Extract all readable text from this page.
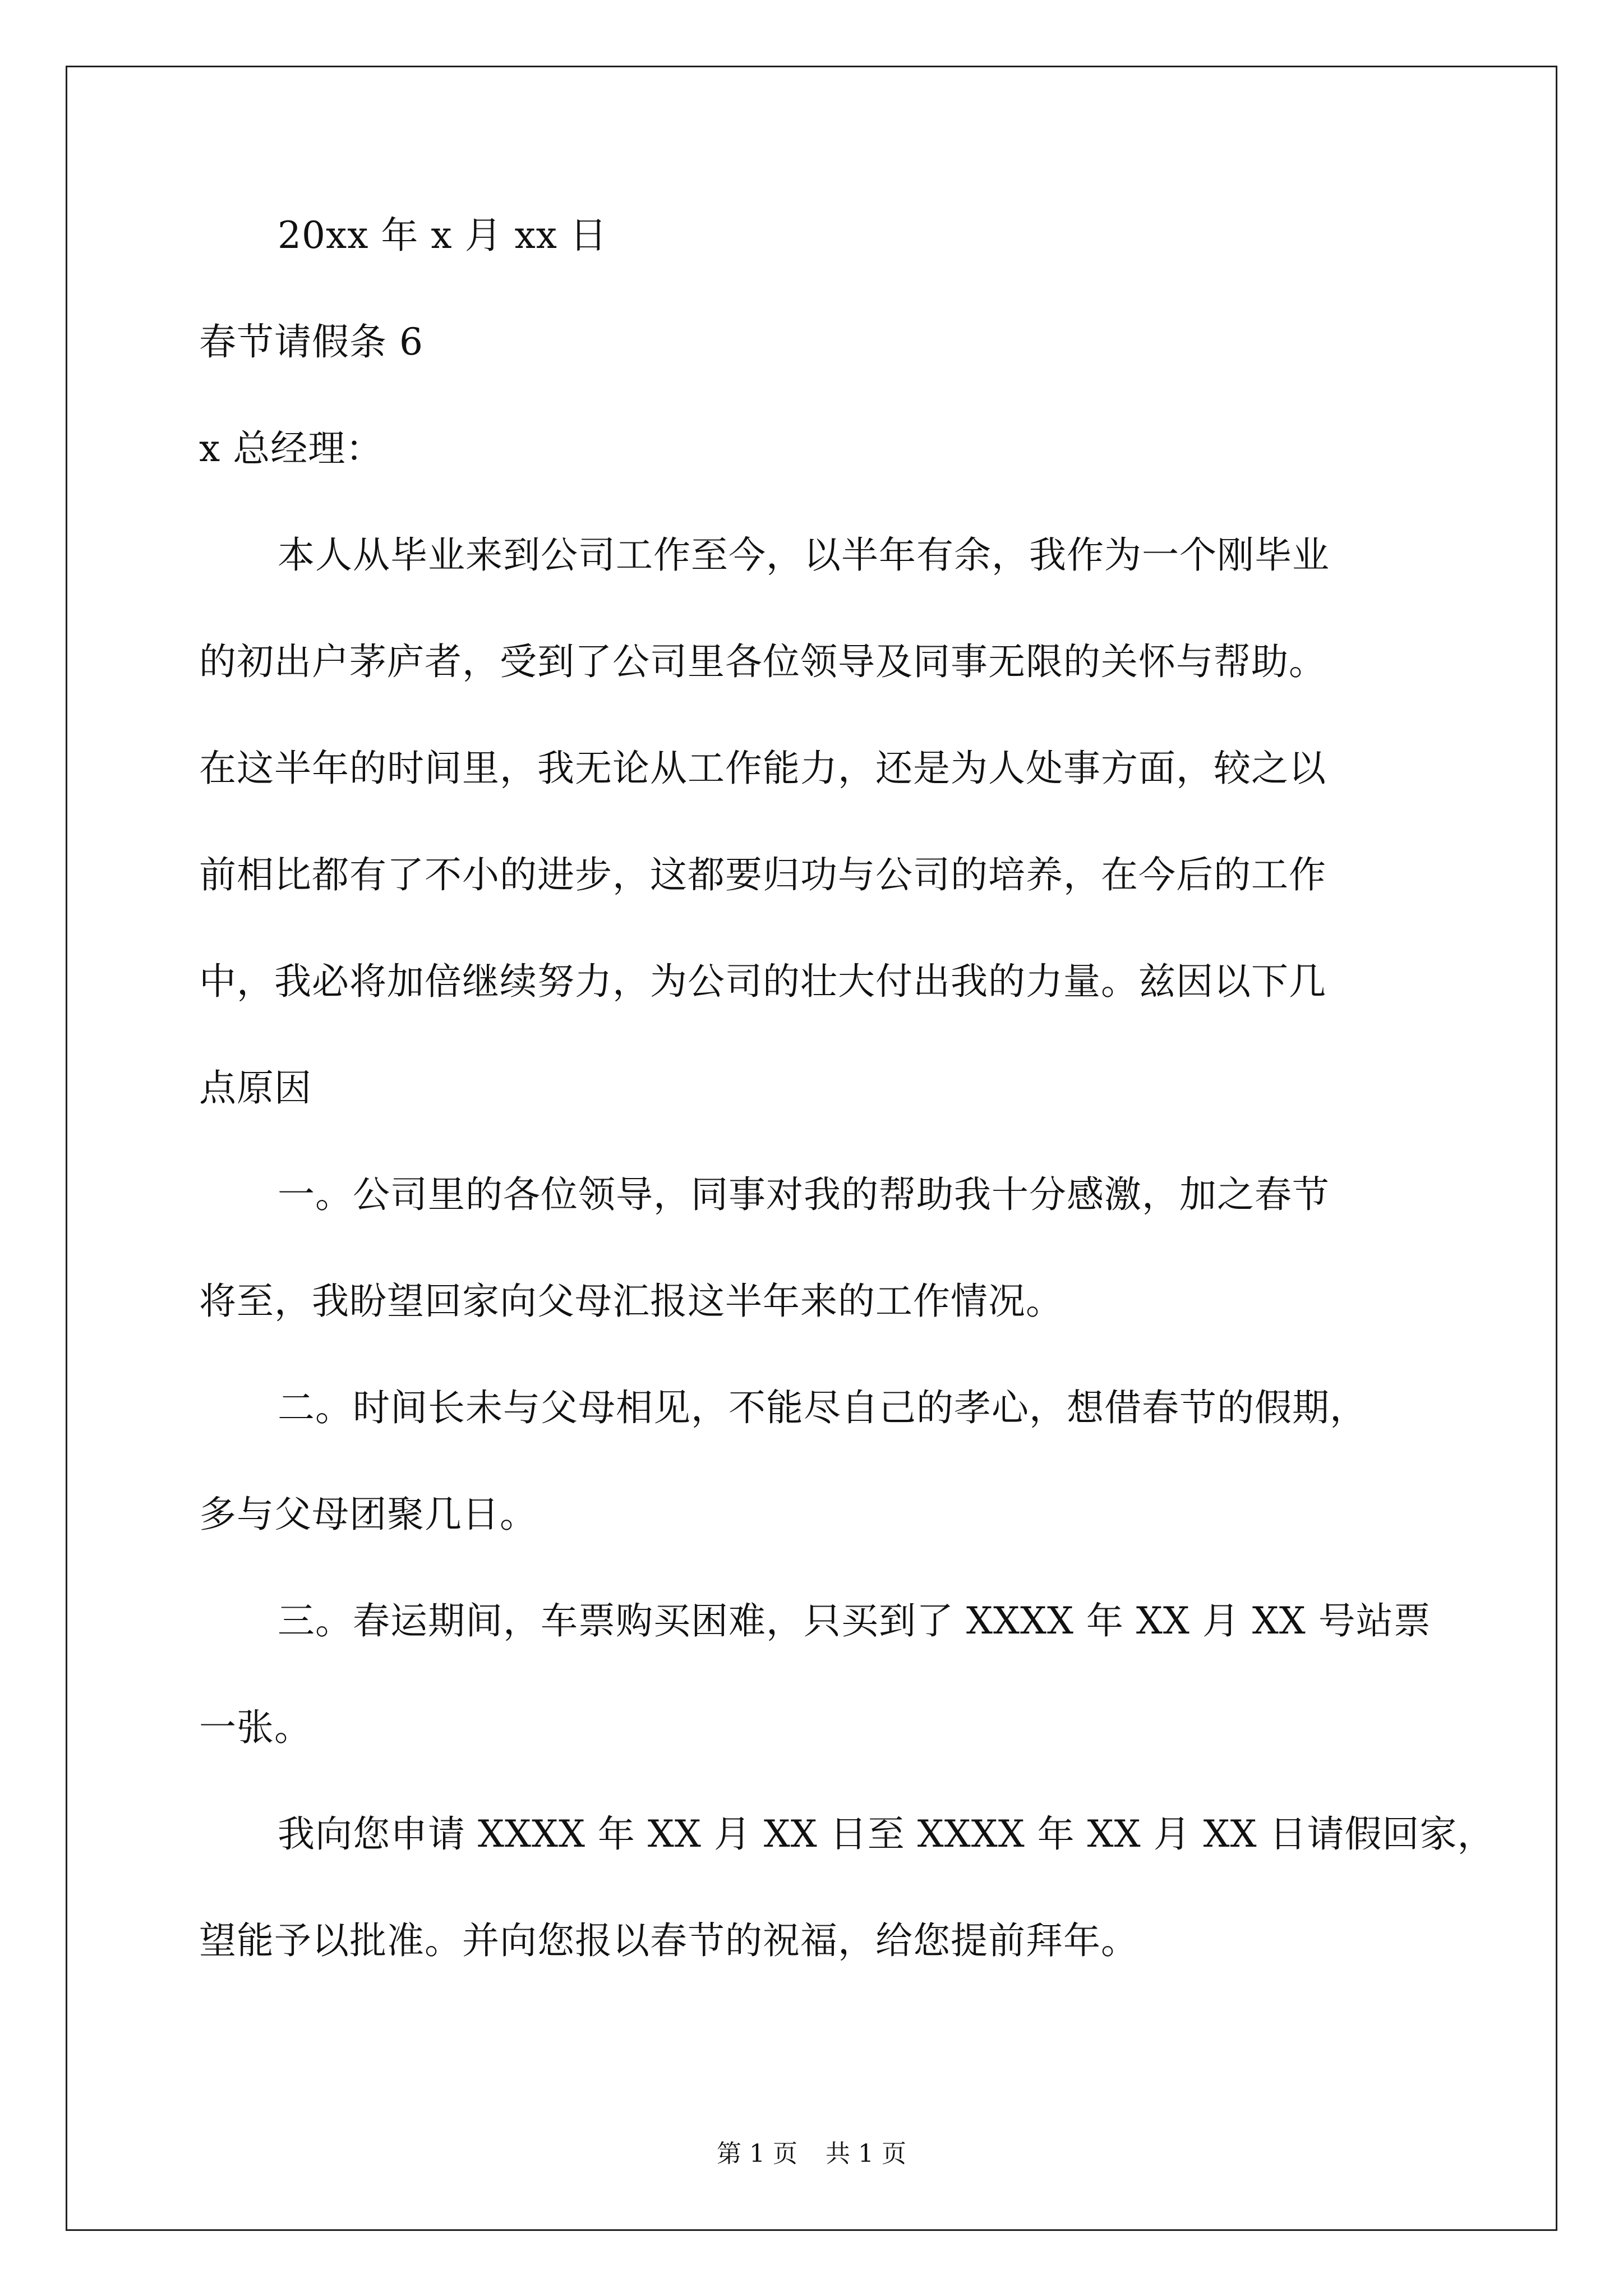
20xx 年 x 月 xx 日
春节请假条 6
x 总经理：
本人从毕业来到公司工作至今，以半年有余，我作为一个刚毕业
的初出户茅庐者，受到了公司里各位领导及同事无限的关怀与帮助。
在这半年的时间里，我无论从工作能力，还是为人处事方面，较之以
前相比都有了不小的进步，这都要归功与公司的培养，在今后的工作
中，我必将加倍继续努力，为公司的壮大付出我的力量。兹因以下几
点原因
一。公司里的各位领导，同事对我的帮助我十分感激，加之春节
将至，我盼望回家向父母汇报这半年来的工作情况。
二。时间长未与父母相见，不能尽自己的孝心，想借春节的假期，
多与父母团聚几日。
三。春运期间，车票购买困难，只买到了 XXXX 年 XX 月 XX 号站票
一张。
我向您申请 XXXX 年 XX 月 XX 日至 XXXX 年 XX 月 XX 日请假回家，
望能予以批准。并向您报以春节的祝福，给您提前拜年。
第 1 页 共 1 页
